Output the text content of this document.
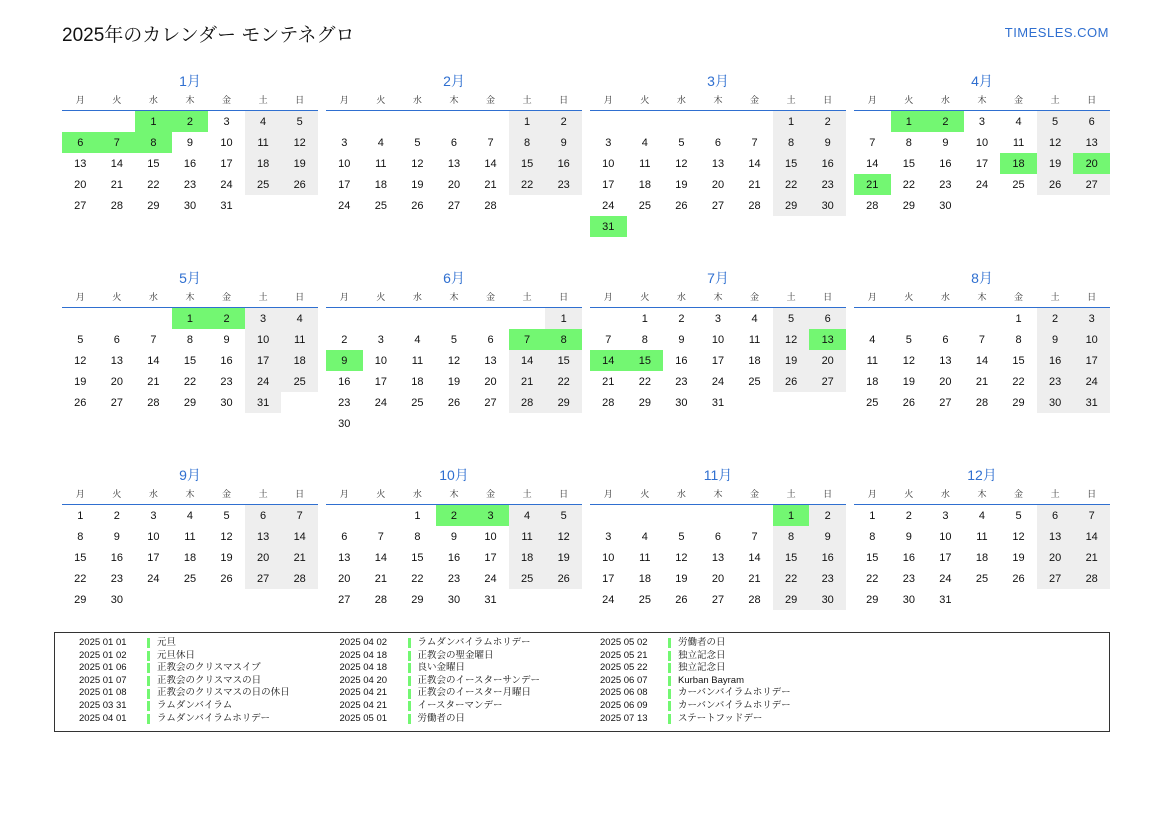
2025年のカレンダー モンテネグロ	TIMESLES.COM
1月
月	火	水	木	金	土	日
		1	2	3	4	5
6	7	8	9	10	11	12
13	14	15	16	17	18	19
20	21	22	23	24	25	26
27	28	29	30	31		
2月
月	火	水	木	金	土	日
					1	2
3	4	5	6	7	8	9
10	11	12	13	14	15	16
17	18	19	20	21	22	23
24	25	26	27	28		
3月
月	火	水	木	金	土	日
					1	2
3	4	5	6	7	8	9
10	11	12	13	14	15	16
17	18	19	20	21	22	23
24	25	26	27	28	29	30
31						
4月
月	火	水	木	金	土	日
	1	2	3	4	5	6
7	8	9	10	11	12	13
14	15	16	17	18	19	20
21	22	23	24	25	26	27
28	29	30				
5月
月	火	水	木	金	土	日
			1	2	3	4
5	6	7	8	9	10	11
12	13	14	15	16	17	18
19	20	21	22	23	24	25
26	27	28	29	30	31	
6月
月	火	水	木	金	土	日
						1
2	3	4	5	6	7	8
9	10	11	12	13	14	15
16	17	18	19	20	21	22
23	24	25	26	27	28	29
30						
7月
月	火	水	木	金	土	日
	1	2	3	4	5	6
7	8	9	10	11	12	13
14	15	16	17	18	19	20
21	22	23	24	25	26	27
28	29	30	31			
8月
月	火	水	木	金	土	日
				1	2	3
4	5	6	7	8	9	10
11	12	13	14	15	16	17
18	19	20	21	22	23	24
25	26	27	28	29	30	31
9月
月	火	水	木	金	土	日
1	2	3	4	5	6	7
8	9	10	11	12	13	14
15	16	17	18	19	20	21
22	23	24	25	26	27	28
29	30					
10月
月	火	水	木	金	土	日
		1	2	3	4	5
6	7	8	9	10	11	12
13	14	15	16	17	18	19
20	21	22	23	24	25	26
27	28	29	30	31		
11月
月	火	水	木	金	土	日
					1	2
3	4	5	6	7	8	9
10	11	12	13	14	15	16
17	18	19	20	21	22	23
24	25	26	27	28	29	30
12月
月	火	水	木	金	土	日
1	2	3	4	5	6	7
8	9	10	11	12	13	14
15	16	17	18	19	20	21
22	23	24	25	26	27	28
29	30	31				
2025 01 01	元旦
2025 01 02	元旦休日
2025 01 06	正教会のクリスマスイブ
2025 01 07	正教会のクリスマスの日
2025 01 08	正教会のクリスマスの日の休日
2025 03 31	ラムダンバイラム
2025 04 01	ラムダンバイラムホリデー
2025 04 02	ラムダンバイラムホリデー
2025 04 18	正教会の聖金曜日
2025 04 18	良い金曜日
2025 04 20	正教会のイースターサンデー
2025 04 21	正教会のイースター月曜日
2025 04 21	イースターマンデー
2025 05 01	労働者の日
2025 05 02	労働者の日
2025 05 21	独立記念日
2025 05 22	独立記念日
2025 06 07	Kurban Bayram
2025 06 08	カーバンバイラムホリデー
2025 06 09	カーバンバイラムホリデー
2025 07 13	ステートフッドデー
